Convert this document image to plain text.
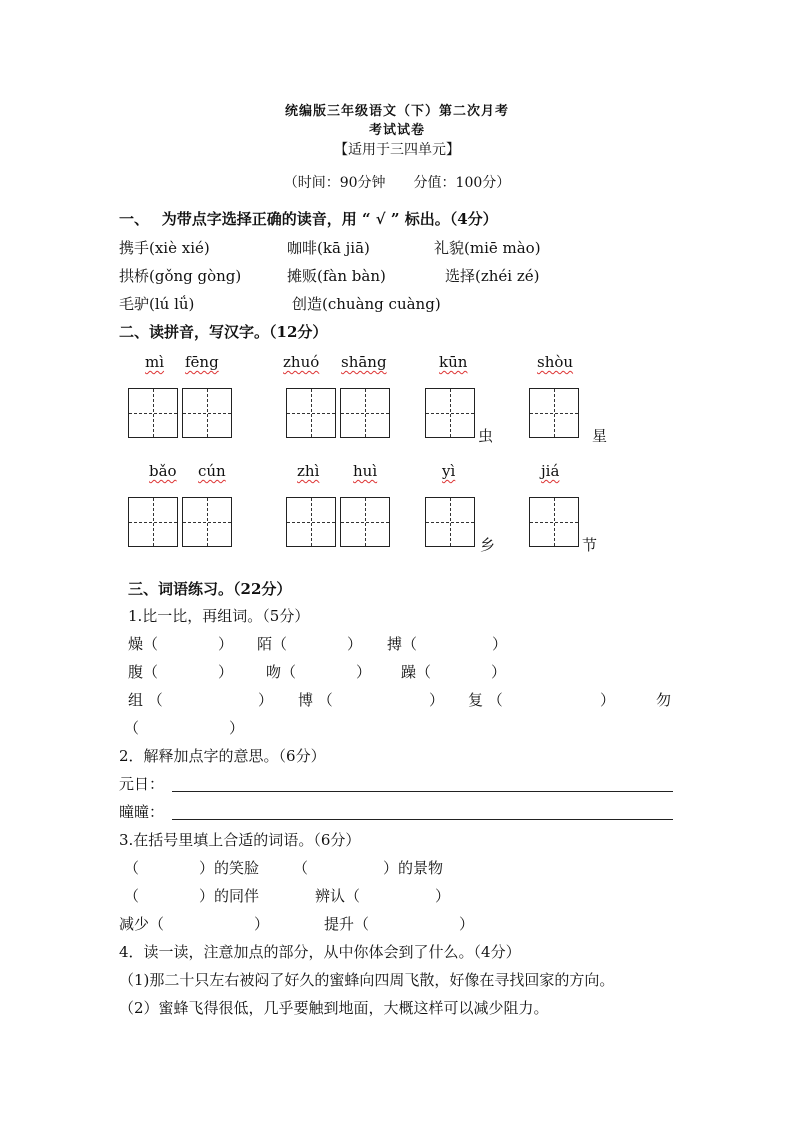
统编版三年级语文（下）第二次月考
考试试卷
【适用于三四单元】
（时间：90分钟　　分值：100分）
一、　 为带点字选择正确的读音，用 “ √ ” 标出。（4分）
携手(xiè xié)	咖啡(kā jiā)	礼貌(miē mào)
拱桥(gǒng gòng)	摊贩(fàn bàn)	选择(zhéi zé)
毛驴(lú lǘ)	创造(chuàng cuàng)
二、读拼音，写汉字。（12分）
mì fēng	zhuó shāng	kūn	shòu
虫	星
bǎo cún	zhì huì	yì	jiá
乡	节
三、词语练习。（22分）
1.比一比，再组词。（5分）
燥（　　　　） 陌（　　　　） 搏（　　　　　）
腹（　　　　） 吻（　　　　） 躁（　　　　）
组 （	） 博 （	） 复 （	）	勿
（　　　　　　）
2．解释加点字的意思。（6分）
元日：
曈曈：
3.在括号里填上合适的词语。（6分）
（　　　　）的笑脸 （　　　　　）的景物
（　　　　）的同伴	辨认（　　　　　）
减少（　　　　　　）	提升（　　　　　　）
4．读一读，注意加点的部分，从中你体会到了什么。（4分）
（1)那二十只左右被闷了好久的蜜蜂向四周飞散，好像在寻找回家的方向。
（2）蜜蜂飞得很低，几乎要触到地面，大概这样可以减少阻力。
